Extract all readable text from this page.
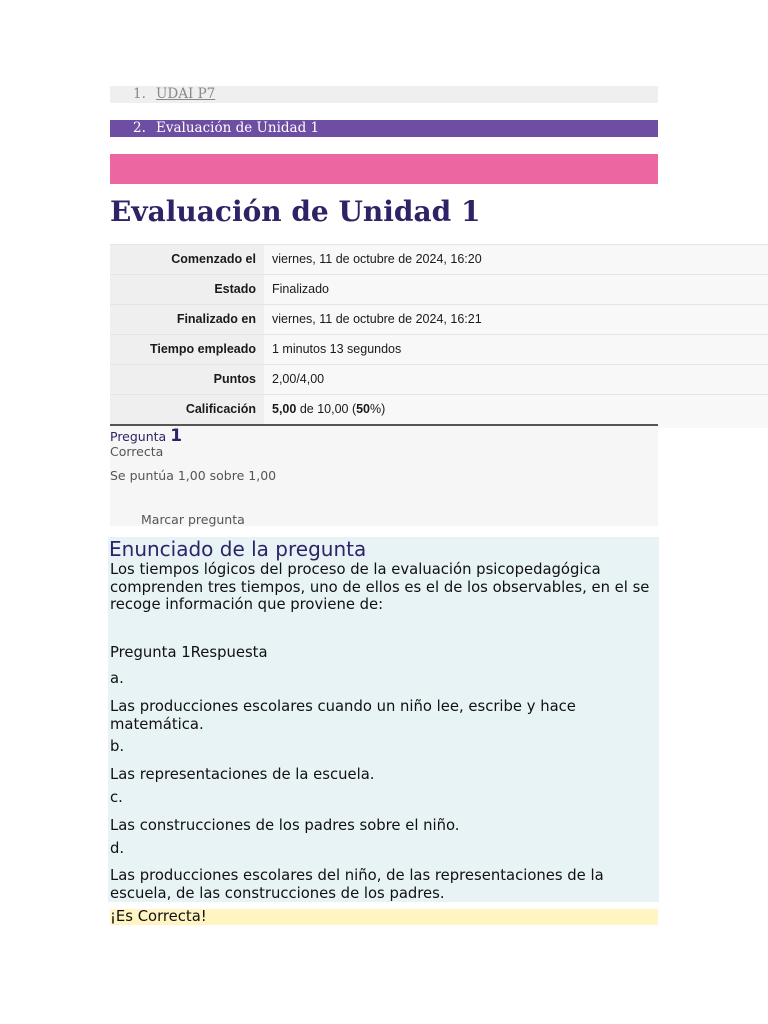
1. UDAI P7
2. Evaluación de Unidad 1
Evaluación de Unidad 1
Comenzado el	viernes, 11 de octubre de 2024, 16:20
Estado	Finalizado
Finalizado en	viernes, 11 de octubre de 2024, 16:21
Tiempo empleado	1 minutos 13 segundos
Puntos	2,00/4,00
Calificación	5,00 de 10,00 (50%)
Pregunta 1
Correcta
Se puntúa 1,00 sobre 1,00
Marcar pregunta
Enunciado de la pregunta
Los tiempos lógicos del proceso de la evaluación psicopedagógica comprenden tres tiempos, uno de ellos es el de los observables, en el se recoge información que proviene de:
Pregunta 1Respuesta
a.
Las producciones escolares cuando un niño lee, escribe y hace matemática.
b.
Las representaciones de la escuela.
c.
Las construcciones de los padres sobre el niño.
d.
Las producciones escolares del niño, de las representaciones de la escuela, de las construcciones de los padres.
¡Es Correcta!
